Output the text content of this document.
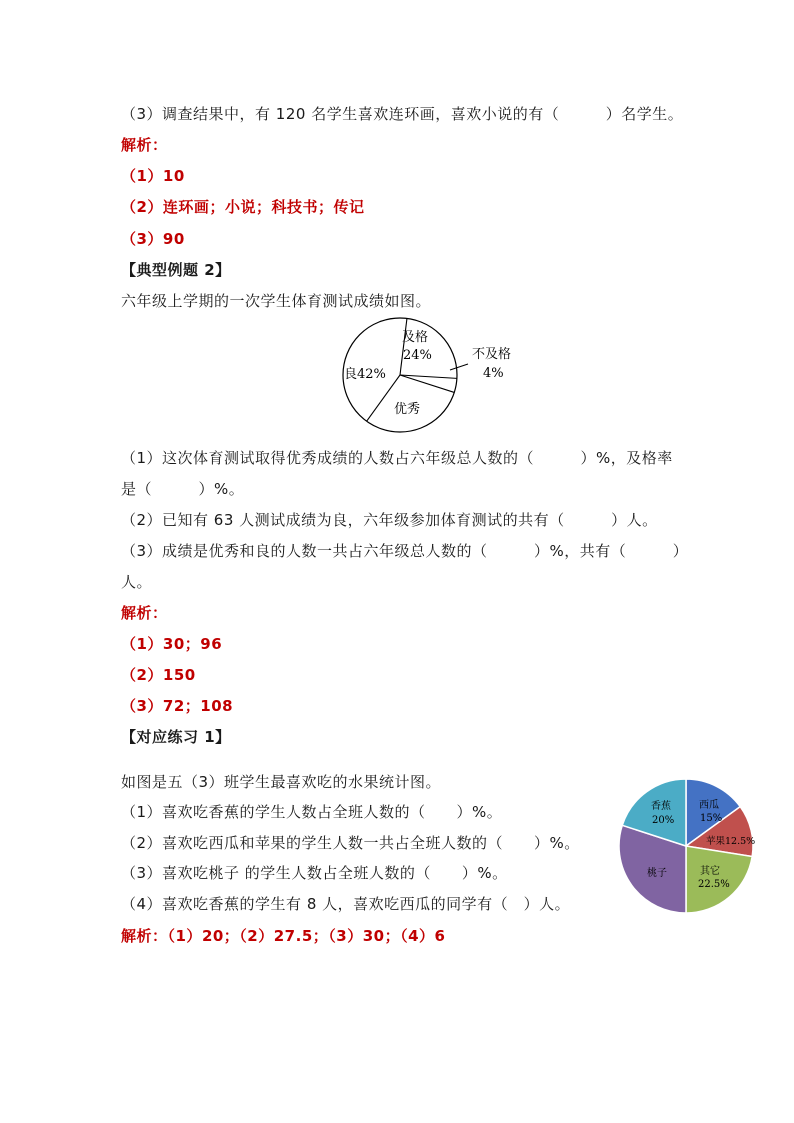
（3）调查结果中，有 120 名学生喜欢连环画，喜欢小说的有（　　　）名学生。
解析：
（1）10
（2）连环画；小说；科技书；传记
（3）90
【典型例题 2】
六年级上学期的一次学生体育测试成绩如图。
及格
24%	不及格
4%
优秀
良42%
（1）这次体育测试取得优秀成绩的人数占六年级总人数的（　　　）%，及格率
是（　　　）%。
（2）已知有 63 人测试成绩为良，六年级参加体育测试的共有（　　　）人。
（3）成绩是优秀和良的人数一共占六年级总人数的（　　　）%，共有（　　　）
人。
解析：
（1）30；96
（2）150
（3）72；108
【对应练习 1】
如图是五（3）班学生最喜欢吃的水果统计图。
（1）喜欢吃香蕉的学生人数占全班人数的（　　）%。
（2）喜欢吃西瓜和苹果的学生人数一共占全班人数的（　　）%。
（3）喜欢吃桃子 的学生人数占全班人数的（　　）%。
（4）喜欢吃香蕉的学生有 8 人，喜欢吃西瓜的同学有（　）人。
解析：（1）20；（2）27.5；（3）30；（4）6
西瓜
15%
苹果12.5%
其它
22.5%
桃子
香蕉
20%
